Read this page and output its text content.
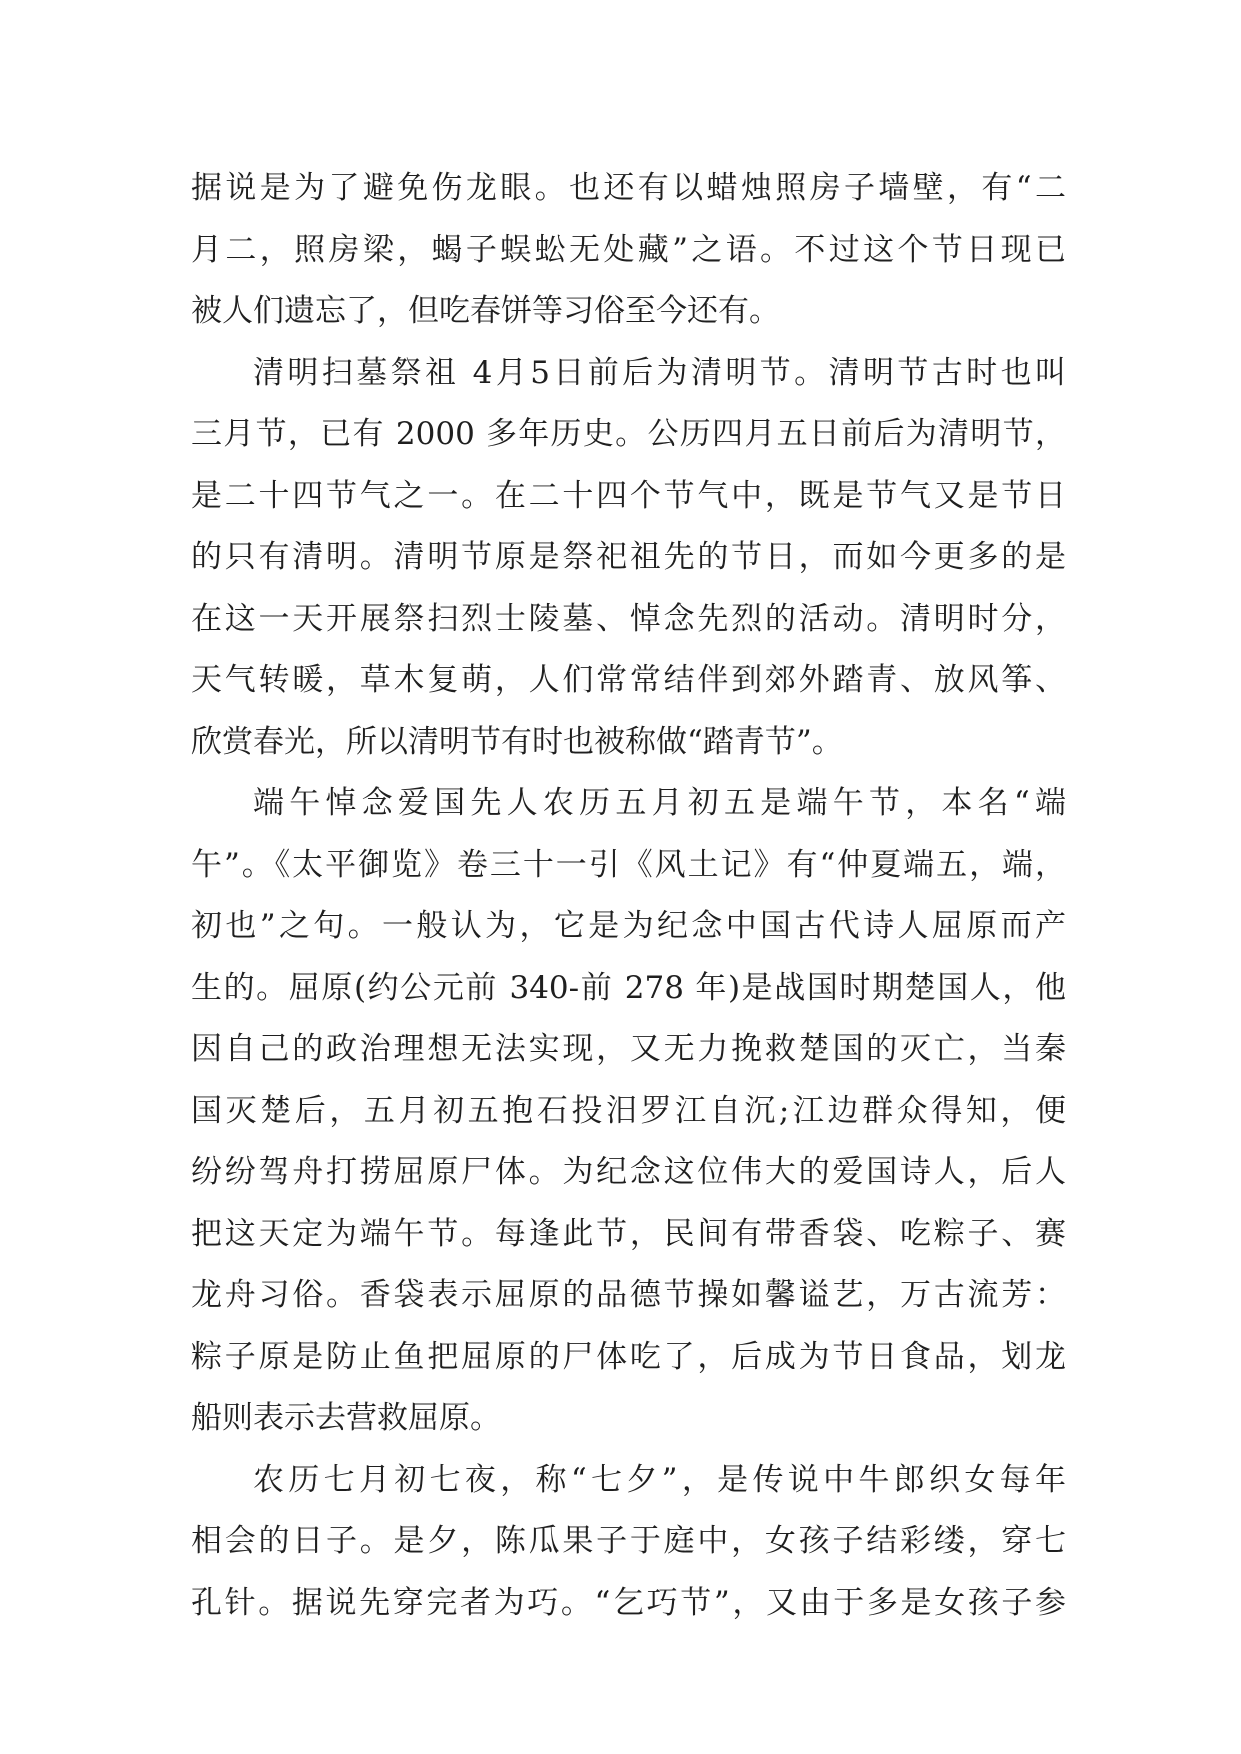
据说是为了避免伤龙眼。也还有以蜡烛照房子墙壁，有“二
月二，照房梁，蝎子蜈蚣无处藏”之语。不过这个节日现已
被人们遗忘了，但吃春饼等习俗至今还有。
清明扫墓祭祖 4月5日前后为清明节。清明节古时也叫
三月节，已有 2000 多年历史。公历四月五日前后为清明节，
是二十四节气之一。在二十四个节气中，既是节气又是节日
的只有清明。清明节原是祭祀祖先的节日，而如今更多的是
在这一天开展祭扫烈士陵墓、悼念先烈的活动。清明时分，
天气转暖，草木复萌，人们常常结伴到郊外踏青、放风筝、
欣赏春光，所以清明节有时也被称做“踏青节”。
端午悼念爱国先人农历五月初五是端午节，本名“端
午”。《太平御览》卷三十一引《风土记》有“仲夏端五，端，
初也”之句。一般认为，它是为纪念中国古代诗人屈原而产
生的。屈原(约公元前 340-前 278 年)是战国时期楚国人，他
因自己的政治理想无法实现，又无力挽救楚国的灭亡，当秦
国灭楚后，五月初五抱石投汨罗江自沉;江边群众得知，便
纷纷驾舟打捞屈原尸体。为纪念这位伟大的爱国诗人，后人
把这天定为端午节。每逢此节，民间有带香袋、吃粽子、赛
龙舟习俗。香袋表示屈原的品德节操如馨谥艺，万古流芳：
粽子原是防止鱼把屈原的尸体吃了，后成为节日食品，划龙
船则表示去营救屈原。
农历七月初七夜，称“七夕”，是传说中牛郎织女每年
相会的日子。是夕，陈瓜果子于庭中，女孩子结彩缕，穿七
孔针。据说先穿完者为巧。“乞巧节”，又由于多是女孩子参
